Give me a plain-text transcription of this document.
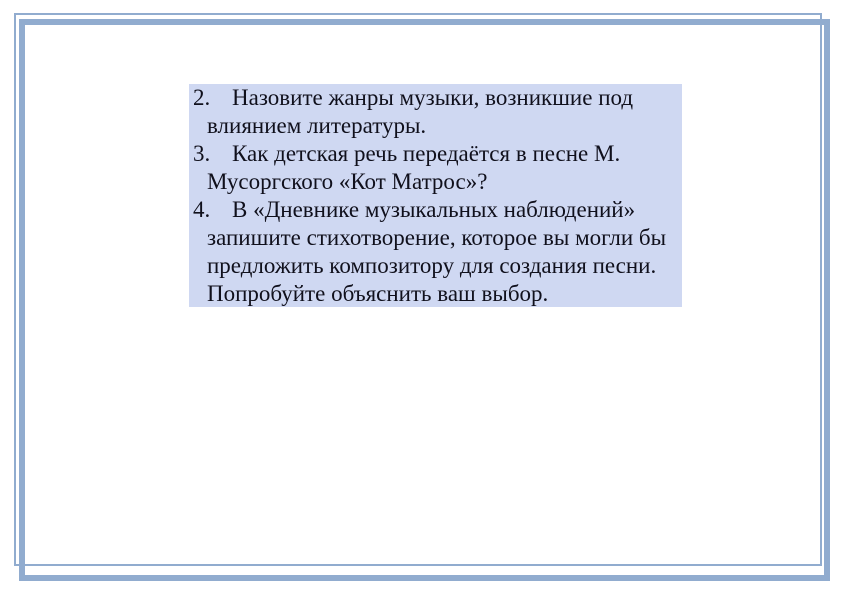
2. Назовите жанры музыки, возникшие под
влиянием литературы.
3. Как детская речь передаётся в песне М.
Мусоргского «Кот Матрос»?
4. В «Дневнике музыкальных наблюдений»
запишите стихотворение, которое вы могли бы
предложить композитору для создания песни.
Попробуйте объяснить ваш выбор.
